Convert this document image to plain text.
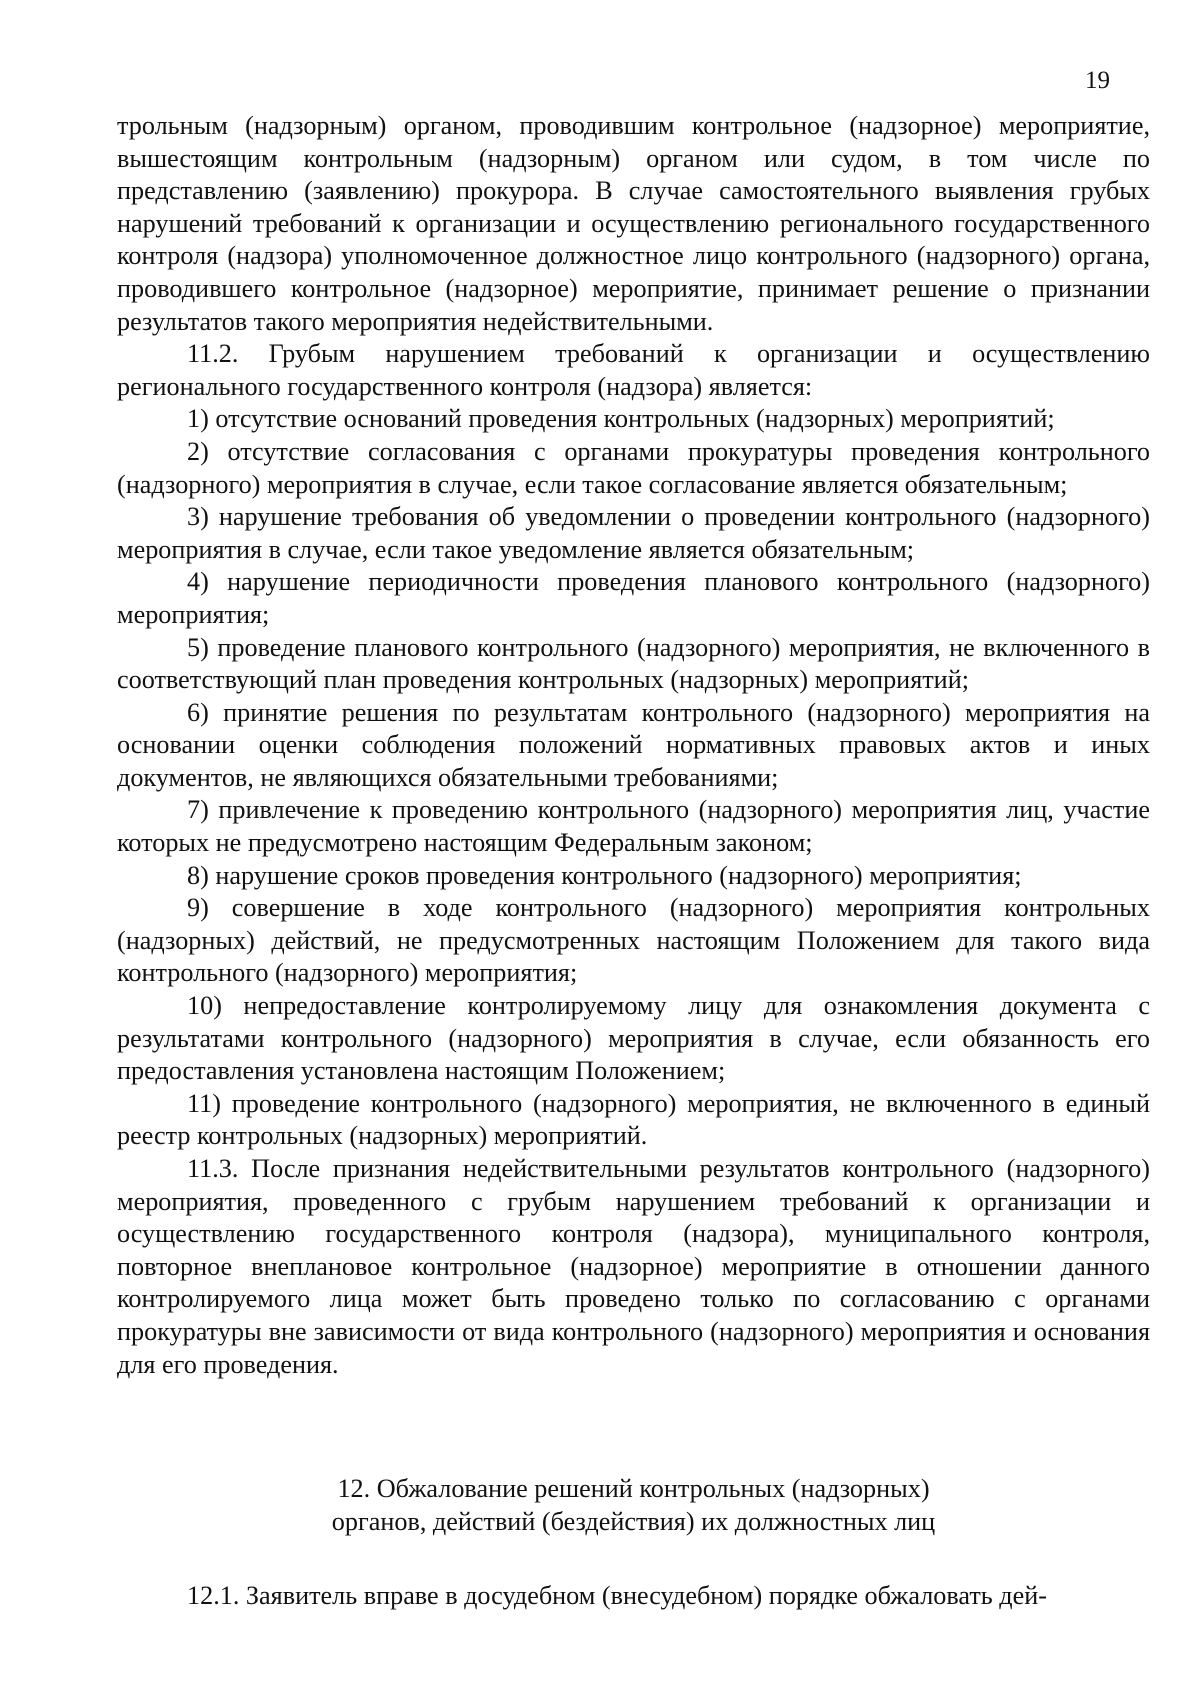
19

трольным (надзорным) органом, проводившим контрольное (надзорное) мероприятие, вышестоящим контрольным (надзорным) органом или судом, в том числе по представлению (заявлению) прокурора. В случае самостоятельного выявления грубых нарушений требований к организации и осуществлению регионального государственного контроля (надзора) уполномоченное должностное лицо контрольного (надзорного) органа, проводившего контрольное (надзорное) мероприятие, принимает решение о признании результатов такого мероприятия недействительными.

11.2. Грубым нарушением требований к организации и осуществлению регионального государственного контроля (надзора) является:

1) отсутствие оснований проведения контрольных (надзорных) мероприятий;

2) отсутствие согласования с органами прокуратуры проведения контрольного (надзорного) мероприятия в случае, если такое согласование является обязательным;

3) нарушение требования об уведомлении о проведении контрольного (надзорного) мероприятия в случае, если такое уведомление является обязательным;

4) нарушение периодичности проведения планового контрольного (надзорного) мероприятия;

5) проведение планового контрольного (надзорного) мероприятия, не включенного в соответствующий план проведения контрольных (надзорных) мероприятий;

6) принятие решения по результатам контрольного (надзорного) мероприятия на основании оценки соблюдения положений нормативных правовых актов и иных документов, не являющихся обязательными требованиями;

7) привлечение к проведению контрольного (надзорного) мероприятия лиц, участие которых не предусмотрено настоящим Федеральным законом;

8) нарушение сроков проведения контрольного (надзорного) мероприятия;

9) совершение в ходе контрольного (надзорного) мероприятия контрольных (надзорных) действий, не предусмотренных настоящим Положением для такого вида контрольного (надзорного) мероприятия;

10) непредоставление контролируемому лицу для ознакомления документа с результатами контрольного (надзорного) мероприятия в случае, если обязанность его предоставления установлена настоящим Положением;

11) проведение контрольного (надзорного) мероприятия, не включенного в единый реестр контрольных (надзорных) мероприятий.

11.3. После признания недействительными результатов контрольного (надзорного) мероприятия, проведенного с грубым нарушением требований к организации и осуществлению государственного контроля (надзора), муниципального контроля, повторное внеплановое контрольное (надзорное) мероприятие в отношении данного контролируемого лица может быть проведено только по согласованию с органами прокуратуры вне зависимости от вида контрольного (надзорного) мероприятия и основания для его проведения.

12. Обжалование решений контрольных (надзорных)
органов, действий (бездействия) их должностных лиц
12.1. Заявитель вправе в досудебном (внесудебном) порядке обжаловать дей-
